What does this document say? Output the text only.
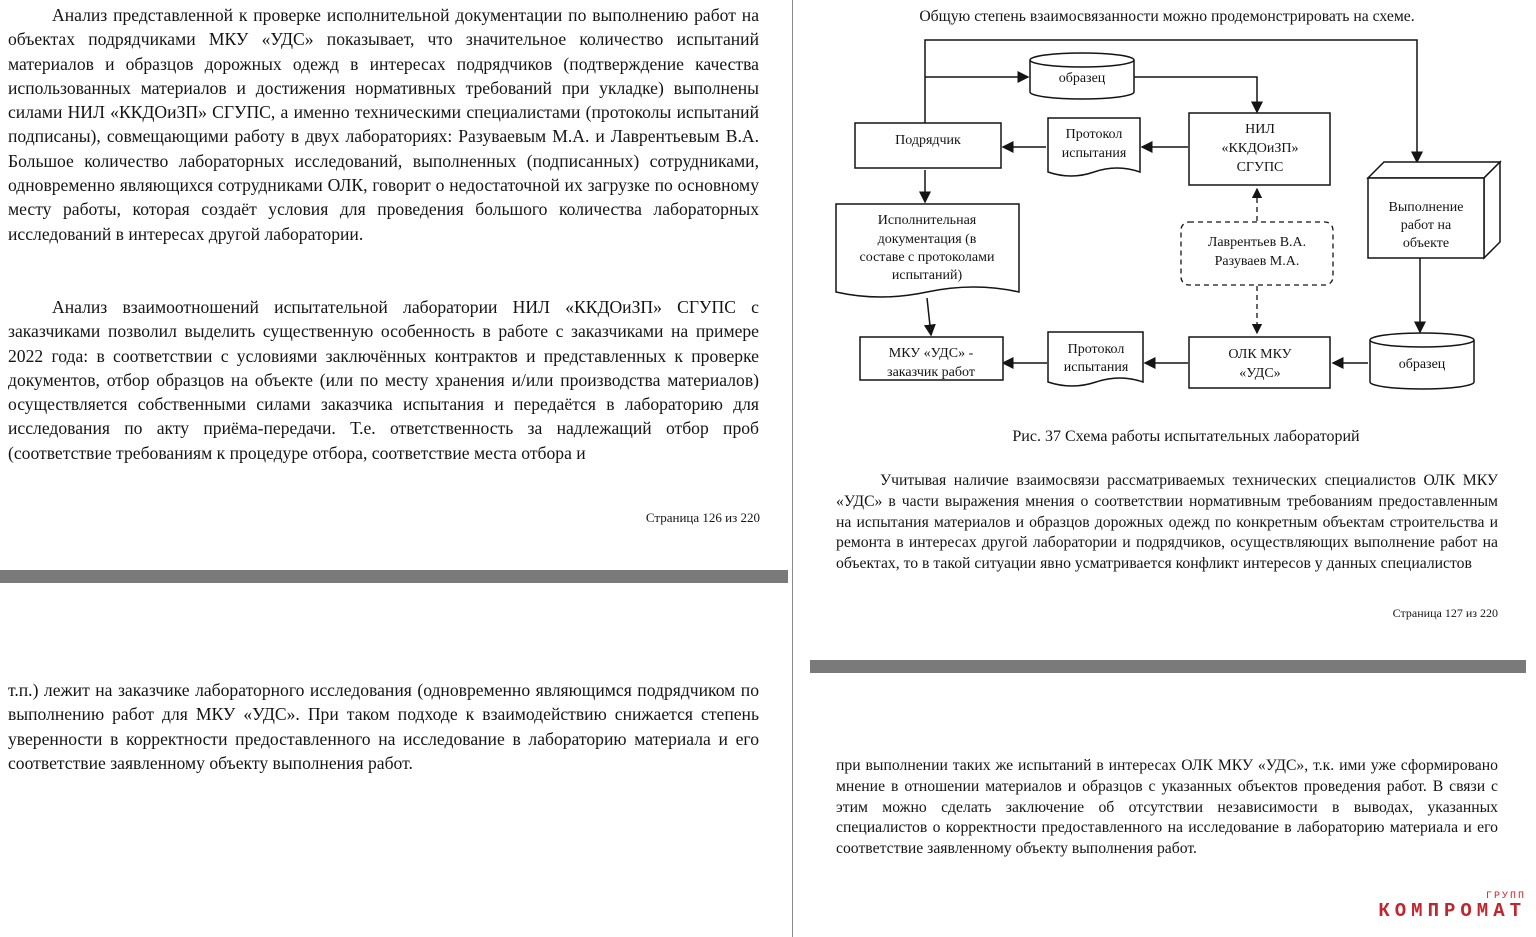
Анализ представленной к проверке исполнительной документации по выполнению работ на объектах подрядчиками МКУ «УДС» показывает, что значительное количество испытаний материалов и образцов дорожных одежд в интересах подрядчиков (подтверждение качества использованных материалов и достижения нормативных требований при укладке) выполнены силами НИЛ «ККДОиЗП» СГУПС, а именно техническими специалистами (протоколы испытаний подписаны), совмещающими работу в двух лабораториях: Разуваевым М.А. и Лаврентьевым В.А. Большое количество лабораторных исследований, выполненных (подписанных) сотрудниками, одновременно являющихся сотрудниками ОЛК, говорит о недостаточной их загрузке по основному месту работы, которая создаёт условия для проведения большого количества лабораторных исследований в интересах другой лаборатории.

Анализ взаимоотношений испытательной лаборатории НИЛ «ККДОиЗП» СГУПС с заказчиками позволил выделить существенную особенность в работе с заказчиками на примере 2022 года: в соответствии с условиями заключённых контрактов и представленных к проверке документов, отбор образцов на объекте (или по месту хранения и/или производства материалов) осуществляется собственными силами заказчика испытания и передаётся в лабораторию для исследования по акту приёма-передачи. Т.е. ответственность за надлежащий отбор проб (соответствие требованиям к процедуре отбора, соответствие места отбора и

Страница 126 из 220

т.п.) лежит на заказчике лабораторного исследования (одновременно являющимся подрядчиком по выполнению работ для МКУ «УДС». При таком подходе к взаимодействию снижается степень уверенности в корректности предоставленного на исследование в лабораторию материала и его соответствие заявленному объекту выполнения работ.

Общую степень взаимосвязанности можно продемонстрировать на схеме.
образец
Подрядчик	Протокол
испытания
НИЛ
«ККДОиЗП»
СГУПС
Выполнение
работ на
объекте
Исполнительная
документация (в
составе с протоколами
испытаний)
Лаврентьев В.А.
Разуваев М.А.
МКУ «УДС» -
заказчик работ
Протокол
испытания
ОЛК МКУ
«УДС»
образец
Рис. 37 Схема работы испытательных лабораторий

Учитывая наличие взаимосвязи рассматриваемых технических специалистов ОЛК МКУ «УДС» в части выражения мнения о соответствии нормативным требованиям предоставленным на испытания материалов и образцов дорожных одежд по конкретным объектам строительства и ремонта в интересах другой лаборатории и подрядчиков, осуществляющих выполнение работ на объектах, то в такой ситуации явно усматривается конфликт интересов у данных специалистов

Страница 127 из 220

при выполнении таких же испытаний в интересах ОЛК МКУ «УДС», т.к. ими уже сформировано мнение в отношении материалов и образцов с указанных объектов проведения работ. В связи с этим можно сделать заключение об отсутствии независимости в выводах, указанных специалистов о корректности предоставленного на исследование в лабораторию материала и его соответствие заявленному объекту выполнения работ.

ГРУПП
КОМПРОМАТ
